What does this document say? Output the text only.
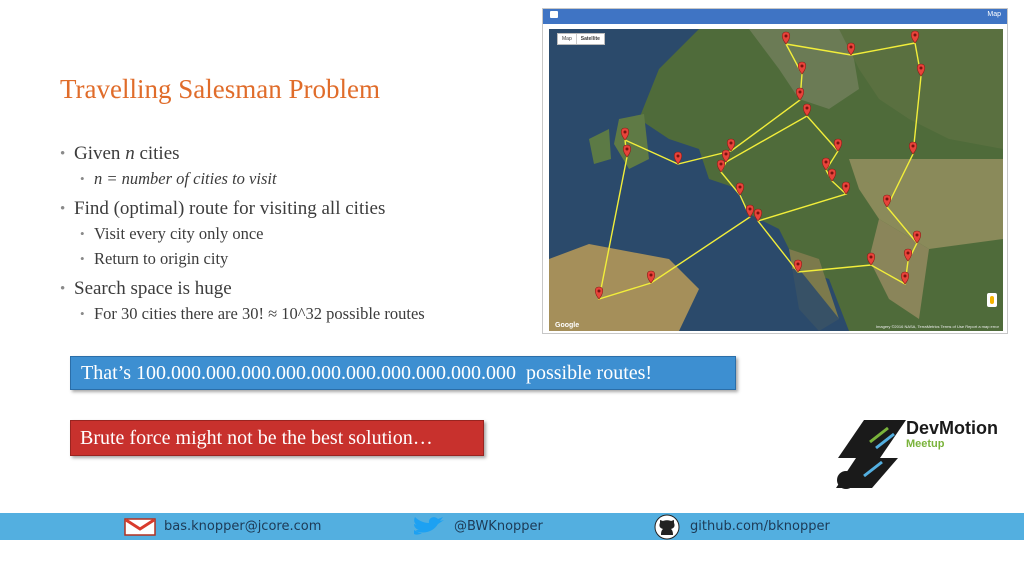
Travelling Salesman Problem
• Given n cities
• n = number of cities to visit
• Find (optimal) route for visiting all cities
• Visit every city only once
• Return to origin city
• Search space is huge
• For 30 cities there are 30! ≈ 10^32 possible routes
Map
Map	Satellite
Google	Imagery ©2016 NASA, TerraMetrics Terms of Use Report a map error
That’s 100.000.000.000.000.000.000.000.000.000.000  possible routes!
Brute force might not be the best solution…	DevMotion
Meetup
bas.knopper@jcore.com	@BWKnopper	github.com/bknopper
